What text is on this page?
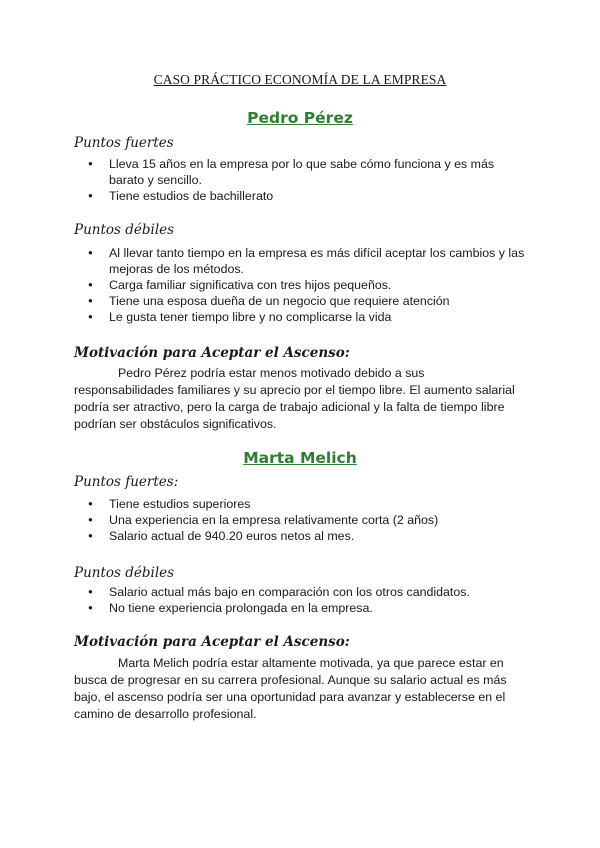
CASO PRÁCTICO ECONOMÍA DE LA EMPRESA
Pedro Pérez
Puntos fuertes
● Lleva 15 años en la empresa por lo que sabe cómo funciona y es más barato y sencillo.
● Tiene estudios de bachillerato
Puntos débiles
● Al llevar tanto tiempo en la empresa es más difícil aceptar los cambios y las mejoras de los métodos.
● Carga familiar significativa con tres hijos pequeños.
● Tiene una esposa dueña de un negocio que requiere atención
● Le gusta tener tiempo libre y no complicarse la vida
Motivación para Aceptar el Ascenso:

Pedro Pérez podría estar menos motivado debido a sus responsabilidades familiares y su aprecio por el tiempo libre. El aumento salarial podría ser atractivo, pero la carga de trabajo adicional y la falta de tiempo libre podrían ser obstáculos significativos.

Marta Melich
Puntos fuertes:
● Tiene estudios superiores
● Una experiencia en la empresa relativamente corta (2 años)
● Salario actual de 940.20 euros netos al mes.
Puntos débiles
● Salario actual más bajo en comparación con los otros candidatos.
● No tiene experiencia prolongada en la empresa.
Motivación para Aceptar el Ascenso:

Marta Melich podría estar altamente motivada, ya que parece estar en busca de progresar en su carrera profesional. Aunque su salario actual es más bajo, el ascenso podría ser una oportunidad para avanzar y establecerse en el camino de desarrollo profesional.
